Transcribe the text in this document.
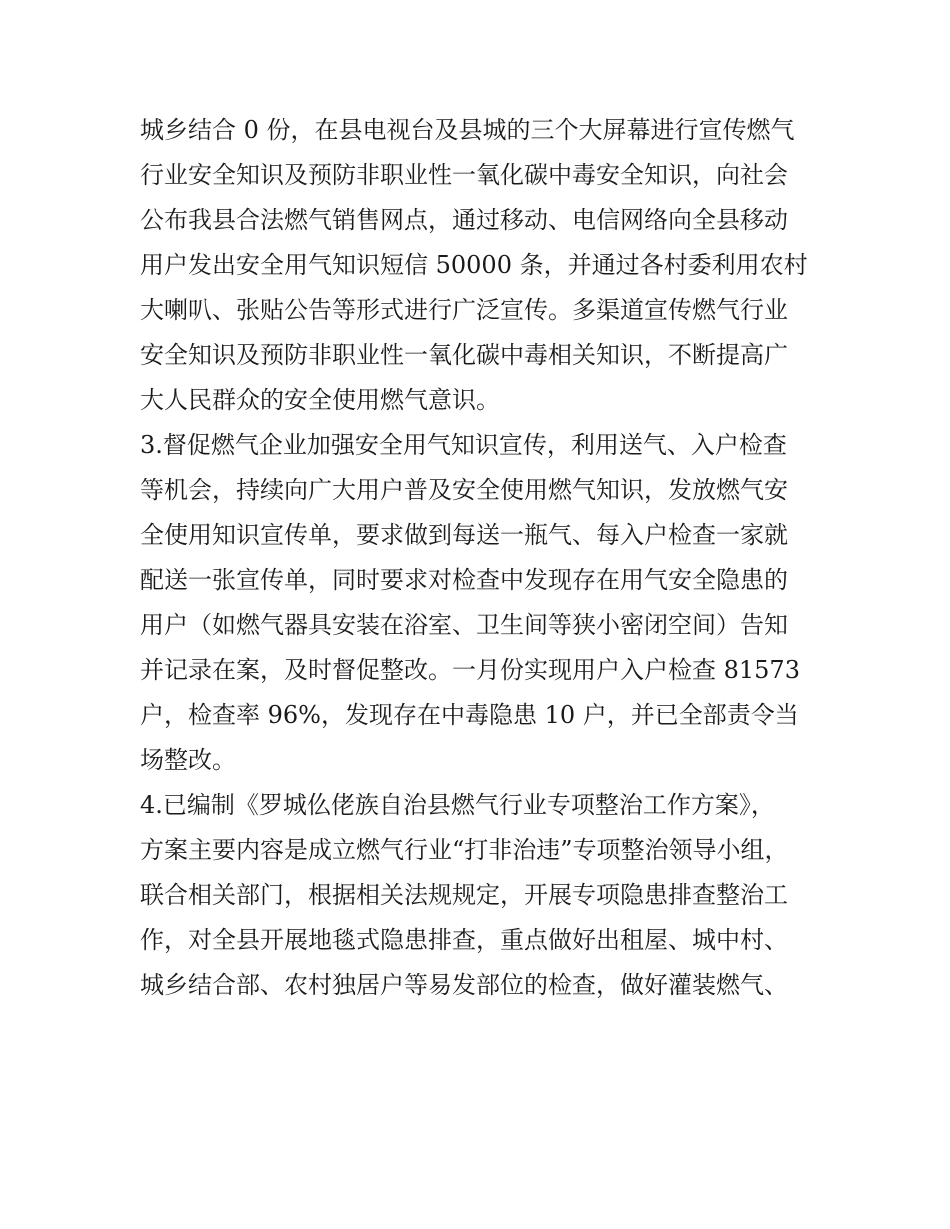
城乡结合 0 份，在县电视台及县城的三个大屏幕进行宣传燃气
行业安全知识及预防非职业性一氧化碳中毒安全知识，向社会
公布我县合法燃气销售网点，通过移动、电信网络向全县移动
用户发出安全用气知识短信 50000 条，并通过各村委利用农村
大喇叭、张贴公告等形式进行广泛宣传。多渠道宣传燃气行业
安全知识及预防非职业性一氧化碳中毒相关知识，不断提高广
大人民群众的安全使用燃气意识。
3.督促燃气企业加强安全用气知识宣传，利用送气、入户检查
等机会，持续向广大用户普及安全使用燃气知识，发放燃气安
全使用知识宣传单，要求做到每送一瓶气、每入户检查一家就
配送一张宣传单，同时要求对检查中发现存在用气安全隐患的
用户（如燃气器具安装在浴室、卫生间等狭小密闭空间）告知
并记录在案，及时督促整改。一月份实现用户入户检查 81573
户，检查率 96%，发现存在中毒隐患 10 户，并已全部责令当
场整改。
4.已编制《罗城仫佬族自治县燃气行业专项整治工作方案》，
方案主要内容是成立燃气行业“打非治违”专项整治领导小组，
联合相关部门，根据相关法规规定，开展专项隐患排查整治工
作，对全县开展地毯式隐患排查，重点做好出租屋、城中村、
城乡结合部、农村独居户等易发部位的检查，做好灌装燃气、
